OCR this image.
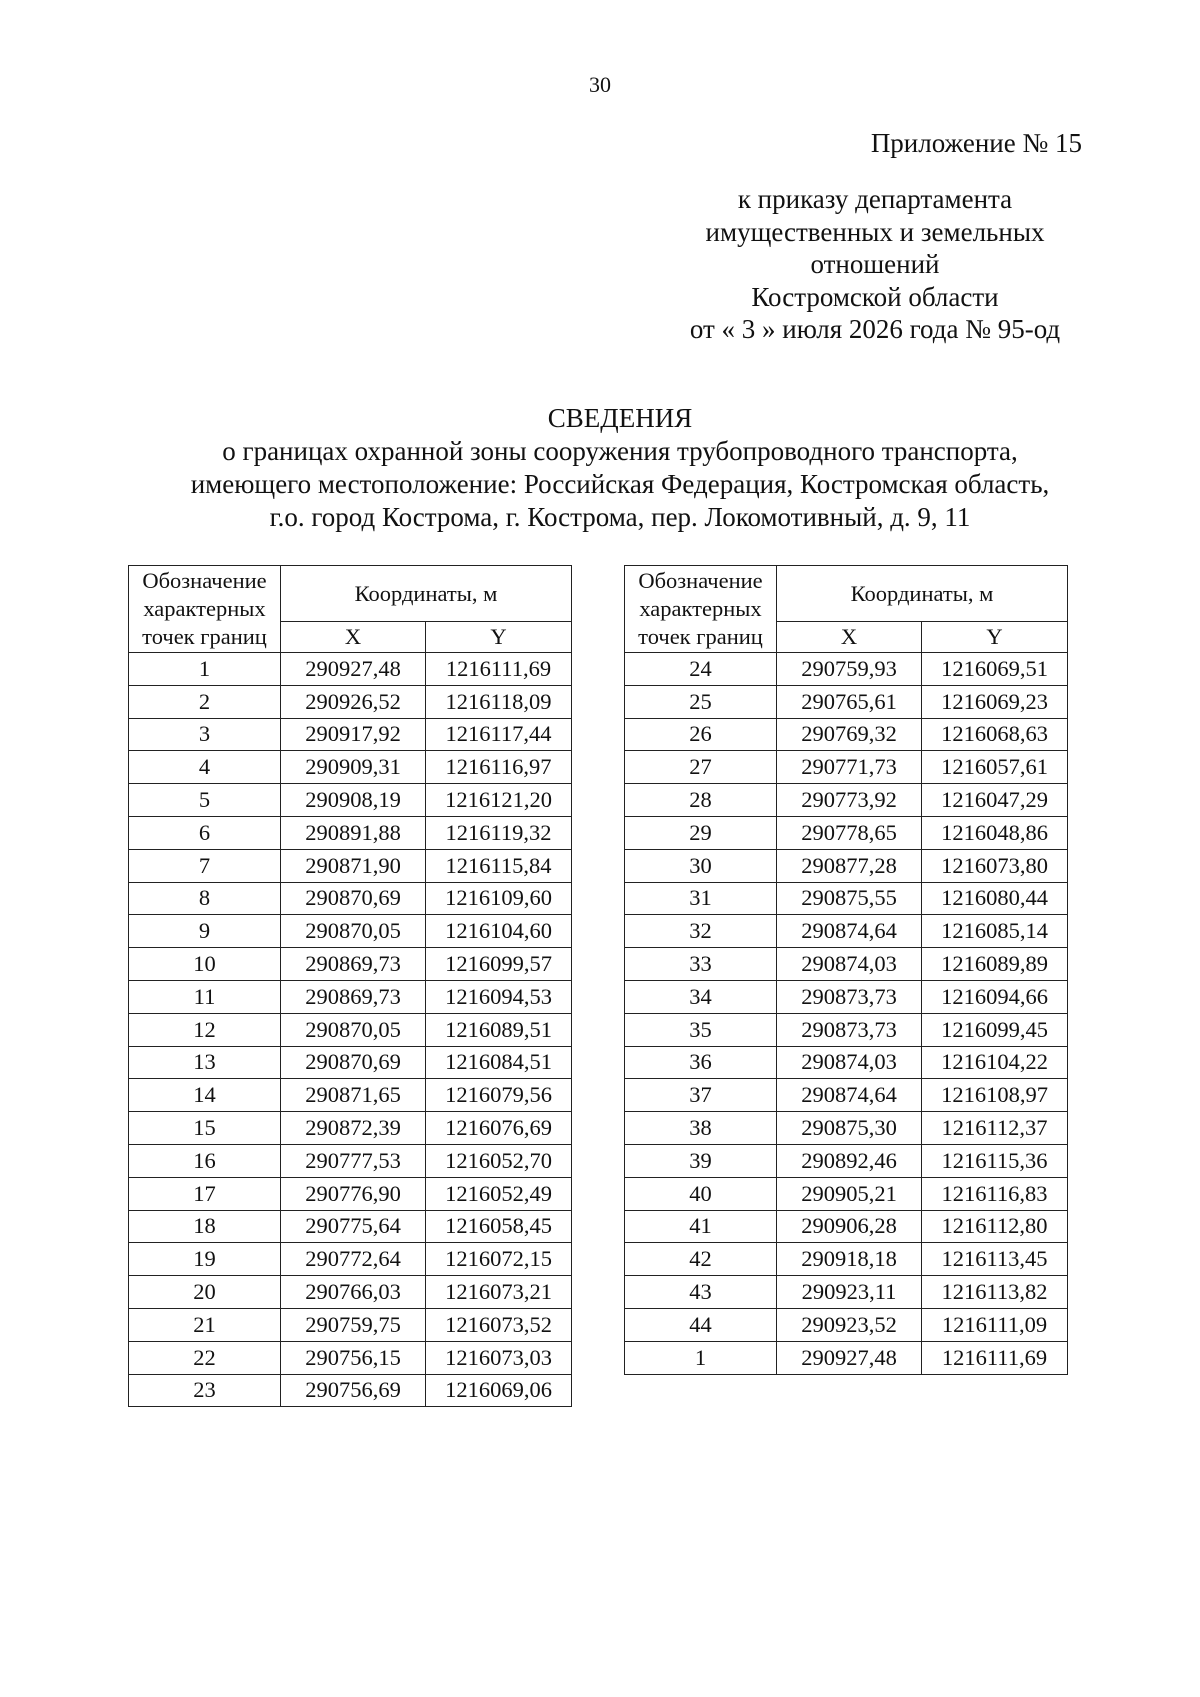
30
Приложение № 15
к приказу департамента
имущественных и земельных
отношений
Костромской области
от « 3 » июля 2026 года № 95-од
СВЕДЕНИЯ
о границах охранной зоны сооружения трубопроводного транспорта,
имеющего местоположение: Российская Федерация, Костромская область,
г.о. город Кострома, г. Кострома, пер. Локомотивный, д. 9, 11
Обозначение характерных точек границ	Координаты, м	
	X	Y
1	290927,48	1216111,69
2	290926,52	1216118,09
3	290917,92	1216117,44
4	290909,31	1216116,97
5	290908,19	1216121,20
6	290891,88	1216119,32
7	290871,90	1216115,84
8	290870,69	1216109,60
9	290870,05	1216104,60
10	290869,73	1216099,57
11	290869,73	1216094,53
12	290870,05	1216089,51
13	290870,69	1216084,51
14	290871,65	1216079,56
15	290872,39	1216076,69
16	290777,53	1216052,70
17	290776,90	1216052,49
18	290775,64	1216058,45
19	290772,64	1216072,15
20	290766,03	1216073,21
21	290759,75	1216073,52
22	290756,15	1216073,03
23	290756,69	1216069,06
Обозначение характерных точек границ	Координаты, м	
	X	Y
24	290759,93	1216069,51
25	290765,61	1216069,23
26	290769,32	1216068,63
27	290771,73	1216057,61
28	290773,92	1216047,29
29	290778,65	1216048,86
30	290877,28	1216073,80
31	290875,55	1216080,44
32	290874,64	1216085,14
33	290874,03	1216089,89
34	290873,73	1216094,66
35	290873,73	1216099,45
36	290874,03	1216104,22
37	290874,64	1216108,97
38	290875,30	1216112,37
39	290892,46	1216115,36
40	290905,21	1216116,83
41	290906,28	1216112,80
42	290918,18	1216113,45
43	290923,11	1216113,82
44	290923,52	1216111,09
1	290927,48	1216111,69
